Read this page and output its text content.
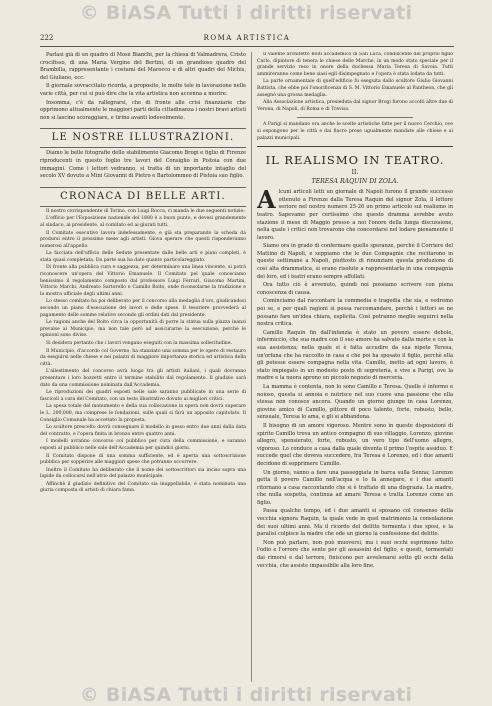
© BiASA Tutti i diritti riservati
222	ROMA ARTISTICA

Parlasi già di un quadro di Mosè Bianchi, per la chiesa di Valmadrera, Cristo crocifisso, di una Maria Vergine del Bertini, di un grandioso quadro del Brambilla, rappresentante i costumi del Marocco e di altri quadri del Michis, del Giuliano, ecc.

Il giornale sovraccitato ricorda, a proposito, le molte tele in lavorazione nelle varie città, per cui si può dire che la vita artistica non accenna a morire.

Insomma, c'è da rallegrarsi, che di fronte alle crisi finanziarie che opprimono attualmente le maggiori parti della cittadinanza i nostri bravi artisti non si lascino scoraggiare, e tirino avanti lodevolmente.

LE NOSTRE ILLUSTRAZIONI.

Diamo le belle fotografie dello stabilimento Giacomo Brogi e figlio di Firenze riproducenti in questo foglio tre lavori del Consiglio in Pistoia con due immagini. Come i lettori vedranno, si tratta di un importante intaglio del secolo XV dovuto a Mini Giovanni di Pietro e Bartolommeo di Pistoia suo figlio.

CRONACA DI BELLE ARTI.

Il nostro corrispondente di Torino, con Luigi Rocca, ci manda le due seguenti notizie:

L'officio per l'Esposizione nazionale del 1880 è a buon punto, e devesi grandemente al sindaco, al presidente, al comitato ed ai giurati tutti.

Il Comitato esecutivo lavora indefessamente, e già sta preparando la scheda da prodursi entro il prossimo mese agli artisti. Giova sperare che questi risponderanno numerosi all'appello.

La facciata dell'ufficio delle Sedute presentate dalle belle arti e piani completi, è stata quasi completata. Da parte sua ha dato quanto particolareggiato.

Di fronte alla pubblica cura e saggezza, per determinare una linea vincente, si potrà riconoscere un'opera del Vittorio Emanuele. Il Comitato pel quale conosciamo benissimo il regolamento composto dal professore Luigi Ferrari, Giacomo Martini, Vittorio Marchi, Andreato Sartorello e Camillo Boito, onde riconsolarne la tradizione e la mostra ufficiale degli ultimi anni.

Lo stesso comitato ha poi deliberato per il concorso alla medaglia d'oro, giudicandosi secondo un piano d'esecuzione dei lavori e delle spese. Il tesoriere provvederà al pagamento delle somme relative secondo gli ordini dati dal presidente.

Le ragioni anche del Boito circa la opportunità di porre la statua sulla piazza inanzi prevalse al Municipio, ma non tale però ad assicurarne la esecuzione, perchè le opinioni sono divise.

Si desidera pertanto che i lavori vengano eseguiti con la massima sollecitudine.

Il Municipio, d'accordo col Governo, ha stanziato una somma per le opere di restauro da eseguirsi nelle chiese e nei palazzi di maggiore importanza storica ed artistica della città.

L'allestimento del concorso avrà luogo tra gli artisti italiani, i quali dovranno presentare i loro bozzetti entro il termine stabilito dal regolamento. Il giudizio sarà dato da una commissione nominata dall'Accademia.

Le riproduzioni dei quadri esposti nelle sale saranno pubblicate in una serie di fascicoli a cura del Comitato, con un testo illustrativo dovuto ai migliori critici.

La spesa totale del monumento e della sua collocazione in opera non dovrà superare le L. 200,000, ma comprese le fondazioni, sulle quali si farà un apposito capitolato. Il Consiglio Comunale ha accettato la proposta.

Lo scultore prescelto dovrà consegnare il modello in gesso entro due anni dalla data del contratto, e l'opera finita in bronzo entro quattro anni.

I modelli avranno concorso col pubblico per cura della commissione, e saranno esposti al pubblico nelle sale dell'Accademia per quindici giorni.

Il Comitato dispone di una somma sufficiente, ed è aperta una sottoscrizione pubblica per sopperire alle maggiori spese che potranno occorrere.

Inoltre il Comitato ha deliberato che il nome dei sottoscrittori sia inciso sopra una lapide da collocarsi nell'atrio del palazzo municipale.

Affinchè il giudizio definitivo del Comitato sia inappellabile, è stata nominata una giuria composta di artisti di chiara fama.

Il valente architetto Boiti accademico di San Luca, condiscente del proprio figlio Carlo, dipintore di tenera le chiese delle Marche, in un modo stato speciale per il grande servizio reso in onore della duchessa Maria Teresa di Savoia. Tutti ammireranno come bene siasi egli disimpegnato e l'opera è stata lodata da tutti.

La parte ornamentale di quell'edificio fu eseguita dallo scultore Giulio Giovanni Battista, che ebbe poi l'onorificenza di S. M. Vittorio Emanuele al Pantheon, che gli assegnò una grossa medaglia.

Alla Associazione artistica, presieduta dal signor Brogi furono accolti altre due di Verona, di Napoli, di Roma e di Treviso.

A Parigi si mandano ora anche le scelte artistiche fatte per il nuovo Cerchio, ove si espongono per le città e dai fiacre prese ugualmente mandate alle chiese e ai palazzi municipali.

IL REALISMO IN TEATRO.
II.
TERESA RAQUIN DI ZOLA.

Alcuni articoli letti un giornale di Napoli furono il grande successo ottenuto a Firenze dalla Teresa Raquin del signor Zola, il lettore seriore nel nostro numero 25-26 un primo articolo sul realismo in teatro. Sapevamo per certissimo che questo dramma avrebbe avuto stazione il mese di Maggio presso a noi l'onore della lunga discussione, nella quale i critici non trovarono che concordarsi nel lodare pienamente il lavoro.

Siamo ora in grado di confermare quelle speranze, perchè il Corriere del Mattino di Napoli, e seppiamo che le due Compagnie che recitarono in queste settimane a Napoli, piuttosto di rinunziare questa produzione di così alta drammatica, si erano risolute a rappresentarla in una compagnia dei loro, ed i teatri erano sempre affollati.

Ora tutto ciò è avvenuto, quindi noi possiamo scrivere con piena conoscenza di causa.

Cominciamo dal raccontare la commedia o tragedia che sia, e vedremo poi se, e per quali ragioni si possa raccomandare, perchè i lettori se ne possano fare un'idea chiara, esplicita. Così potranno meglio seguirci nella nostra critica.

Camillo Raquin fin dall'infanzia è stato un povero essere debole, infermiccio, che sua madre con il suo amore ha salvato dalla morte e con la sua assistenza; nella quale si è fatta accudire da sua nipote Teresa, un'orfana che ha raccolto in casa e che poi ha sposato il figlio, perchè ella gli potesse essere compagna nella vita. Camillo, inetto ad ogni lavoro, è stato impiegato in un modesto posto di segreteria, e vive a Parigi, ove la madre e la nuora aprono un piccolo negozio di merceria.

La mamma è contenta, non lo sono Camillo e Teresa. Quelle è infermo e noioso, questa si annoia e nutrisce nel suo cuore una passione che ella stessa non conosce ancora. Quando un giorno giunge in casa Lorenzo, giovine amico di Camillo, pittore di poco talento, forte, robusto, bello, sensuale, Teresa lo ama, e gli si abbandona.

Il bisogno di un amore vigoroso. Mentre sono in queste disposizioni di spirito Camillo trova un antico compagno di suo villaggio, Lorenzo, giovine allegro, spensierato, forte, robusto, un vero tipo dell'uomo allegro, vigoroso. Lo conduce a casa dalla quale diventa il primo l'ospite assiduo. E succede quel che doveva succedere, fra Teresa e Lorenzo, ed i due amanti decidono di sopprimere Camillo.

Un giorno, vanno a fare una passeggiata in barca sulla Senna; Lorenzo getta il povero Camillo nell'acqua e lo fa annegare, e i due amanti ritornano a casa raccontando che si è trattato di una disgrazia. La madre, che nulla sospetta, continua ad amare Teresa e tratta Lorenzo come un figlio.

Passa qualche tempo, ed i due amanti si sposano col consenso della vecchia signora Raquin, la quale vede in quel matrimonio la consolazione dei suoi ultimi anni. Ma il ricordo del delitto tormenta i due sposi, e la paralisi colpisce la madre che ode un giorno la confessione del delitto.

Non può parlare, non può muoversi, ma i suoi occhi esprimono tutto l'odio e l'orrore che sente per gli assassini del figlio, e questi, tormentati dai rimorsi e dal terrore, finiscono per avvelenarsi sotto gli occhi della vecchia, che assiste impassibile alla loro fine.

© BiASA Tutti i diritti riservati
